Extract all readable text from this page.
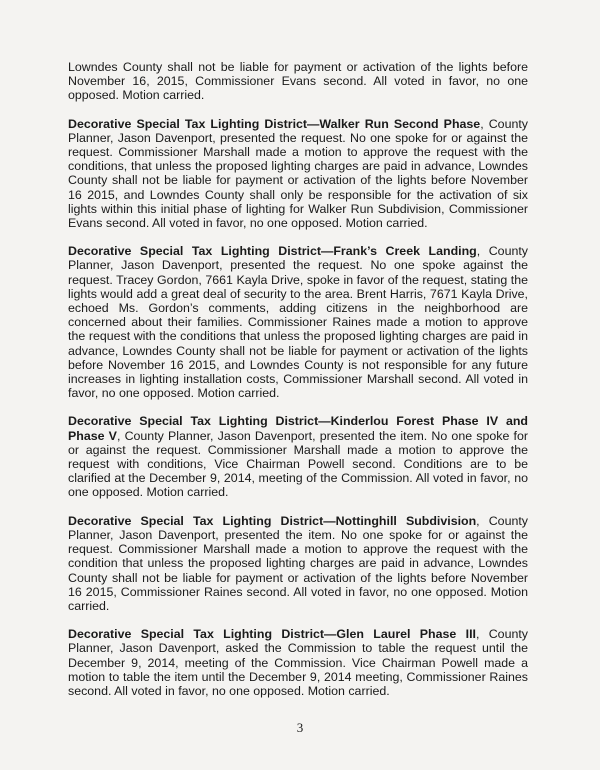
Lowndes County shall not be liable for payment or activation of the lights before November 16, 2015, Commissioner Evans second. All voted in favor, no one opposed. Motion carried.

Decorative Special Tax Lighting District—Walker Run Second Phase, County Planner, Jason Davenport, presented the request. No one spoke for or against the request. Commissioner Marshall made a motion to approve the request with the conditions, that unless the proposed lighting charges are paid in advance, Lowndes County shall not be liable for payment or activation of the lights before November 16 2015, and Lowndes County shall only be responsible for the activation of six lights within this initial phase of lighting for Walker Run Subdivision, Commissioner Evans second. All voted in favor, no one opposed. Motion carried.

Decorative Special Tax Lighting District—Frank’s Creek Landing, County Planner, Jason Davenport, presented the request. No one spoke against the request. Tracey Gordon, 7661 Kayla Drive, spoke in favor of the request, stating the lights would add a great deal of security to the area. Brent Harris, 7671 Kayla Drive, echoed Ms. Gordon’s comments, adding citizens in the neighborhood are concerned about their families. Commissioner Raines made a motion to approve the request with the conditions that unless the proposed lighting charges are paid in advance, Lowndes County shall not be liable for payment or activation of the lights before November 16 2015, and Lowndes County is not responsible for any future increases in lighting installation costs, Commissioner Marshall second. All voted in favor, no one opposed. Motion carried.

Decorative Special Tax Lighting District—Kinderlou Forest Phase IV and Phase V, County Planner, Jason Davenport, presented the item. No one spoke for or against the request. Commissioner Marshall made a motion to approve the request with conditions, Vice Chairman Powell second. Conditions are to be clarified at the December 9, 2014, meeting of the Commission. All voted in favor, no one opposed. Motion carried.

Decorative Special Tax Lighting District—Nottinghill Subdivision, County Planner, Jason Davenport, presented the item. No one spoke for or against the request. Commissioner Marshall made a motion to approve the request with the condition that unless the proposed lighting charges are paid in advance, Lowndes County shall not be liable for payment or activation of the lights before November 16 2015, Commissioner Raines second. All voted in favor, no one opposed. Motion carried.

Decorative Special Tax Lighting District—Glen Laurel Phase III, County Planner, Jason Davenport, asked the Commission to table the request until the December 9, 2014, meeting of the Commission. Vice Chairman Powell made a motion to table the item until the December 9, 2014 meeting, Commissioner Raines second. All voted in favor, no one opposed. Motion carried.

3
